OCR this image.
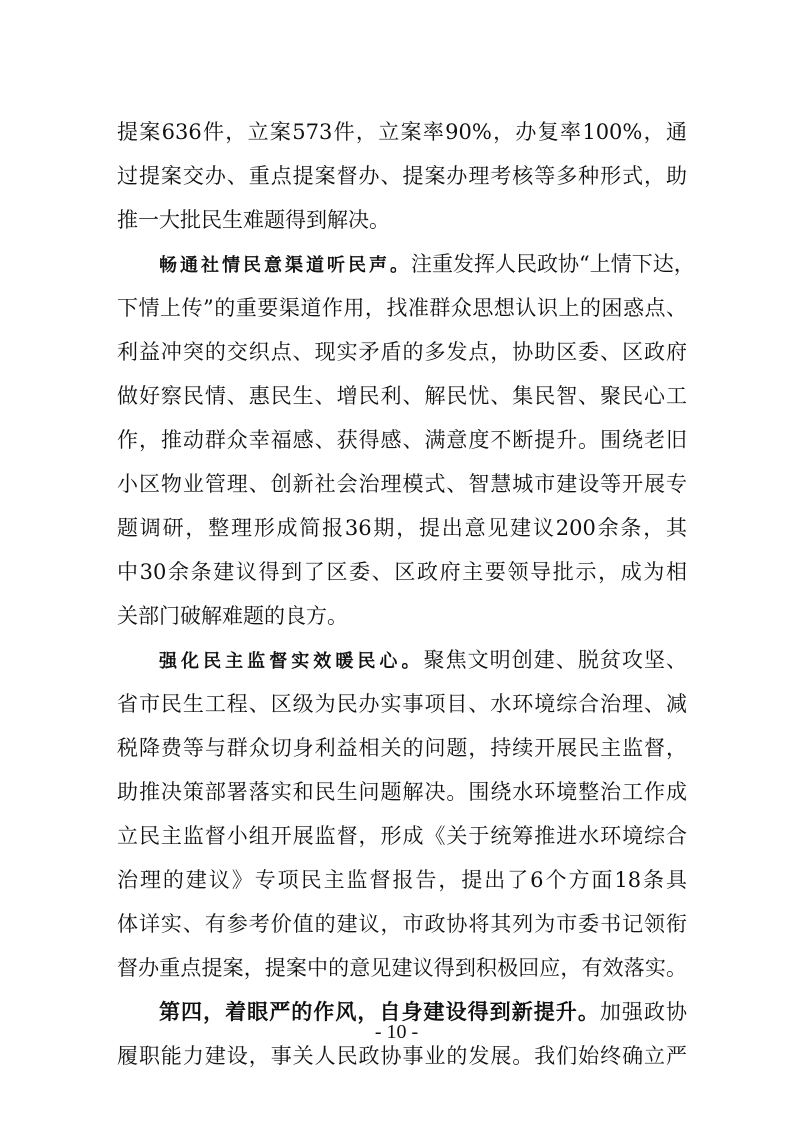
提案636件，立案573件，立案率90%，办复率100%，通
过提案交办、重点提案督办、提案办理考核等多种形式，助
推一大批民生难题得到解决。
畅通社情民意渠道听民声。注重发挥人民政协“上情下达，
下情上传”的重要渠道作用，找准群众思想认识上的困惑点、
利益冲突的交织点、现实矛盾的多发点，协助区委、区政府
做好察民情、惠民生、增民利、解民忧、集民智、聚民心工
作，推动群众幸福感、获得感、满意度不断提升。围绕老旧
小区物业管理、创新社会治理模式、智慧城市建设等开展专
题调研，整理形成简报36期，提出意见建议200余条，其
中30余条建议得到了区委、区政府主要领导批示，成为相
关部门破解难题的良方。
强化民主监督实效暖民心。聚焦文明创建、脱贫攻坚、
省市民生工程、区级为民办实事项目、水环境综合治理、减
税降费等与群众切身利益相关的问题，持续开展民主监督，
助推决策部署落实和民生问题解决。围绕水环境整治工作成
立民主监督小组开展监督，形成《关于统筹推进水环境综合
治理的建议》专项民主监督报告，提出了6个方面18条具
体详实、有参考价值的建议，市政协将其列为市委书记领衔
督办重点提案，提案中的意见建议得到积极回应，有效落实。
第四，着眼严的作风，自身建设得到新提升。加强政协
履职能力建设，事关人民政协事业的发展。我们始终确立严
- 10 -
